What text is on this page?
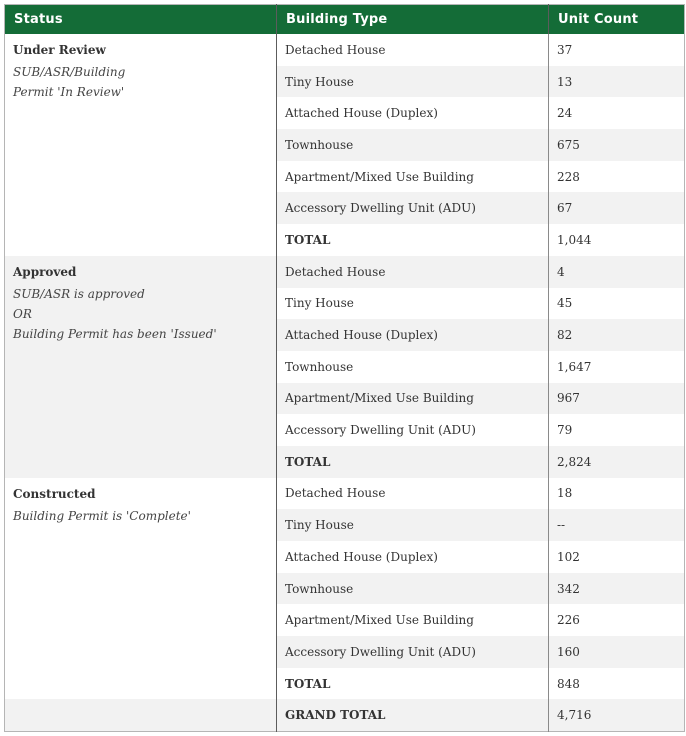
Status	Building Type	Unit Count

Under Review
SUB/ASR/Building
Permit 'In Review'	Detached House	37
	Tiny House	13
	Attached House (Duplex)	24
	Townhouse	675
	Apartment/Mixed Use Building	228
	Accessory Dwelling Unit (ADU)	67
	TOTAL	1,044

Approved
SUB/ASR is approved
OR
Building Permit has been 'Issued'	Detached House	4
	Tiny House	45
	Attached House (Duplex)	82
	Townhouse	1,647
	Apartment/Mixed Use Building	967
	Accessory Dwelling Unit (ADU)	79
	TOTAL	2,824

Constructed
Building Permit is 'Complete'	Detached House	18
	Tiny House	--
	Attached House (Duplex)	102
	Townhouse	342
	Apartment/Mixed Use Building	226
	Accessory Dwelling Unit (ADU)	160
	TOTAL	848
	GRAND TOTAL	4,716
